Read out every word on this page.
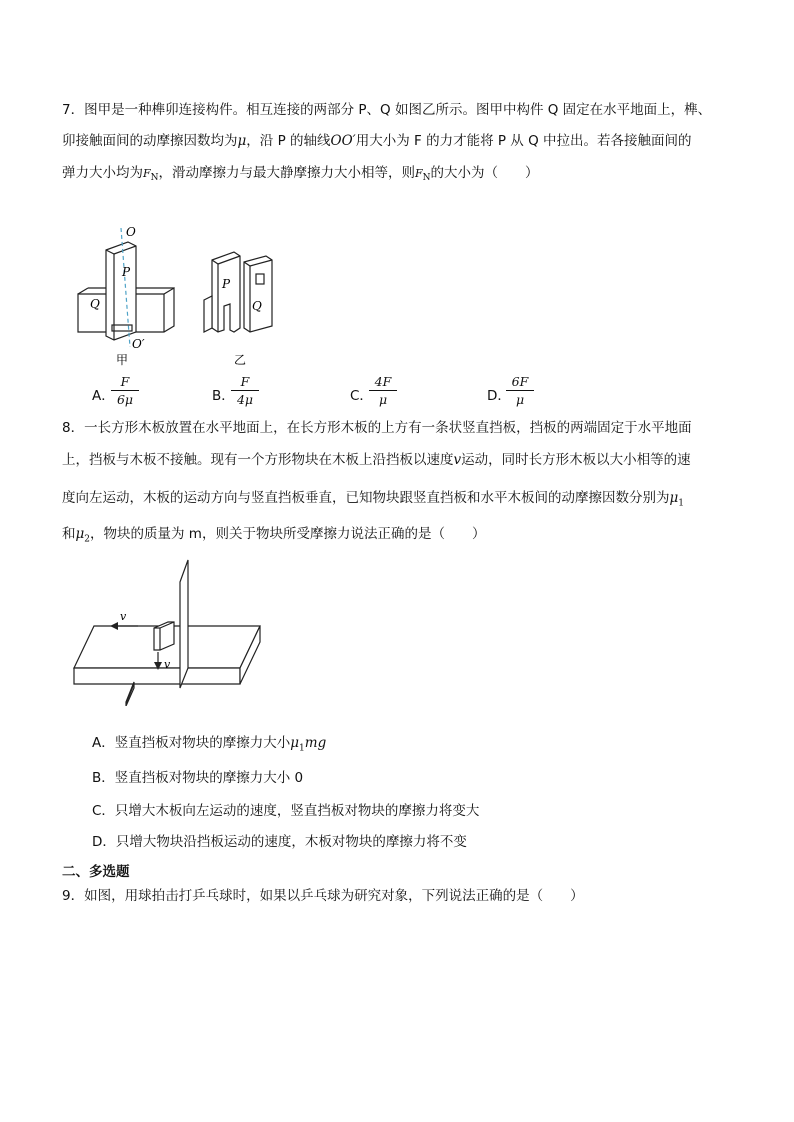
7．图甲是一种榫卯连接构件。相互连接的两部分 P、Q 如图乙所示。图甲中构件 Q 固定在水平地面上，榫、
卯接触面间的动摩擦因数均为μ，沿 P 的轴线OO′用大小为 F 的力才能将 P 从 Q 中拉出。若各接触面间的
弹力大小均为$F_N$，滑动摩擦力与最大静摩擦力大小相等，则$F_N$的大小为（　　）
O
P
Q
O′
甲
P
Q
乙
A．
F
6μ	B．
F
4μ	C．
4F
μ	D．
6F
μ
8．一长方形木板放置在水平地面上，在长方形木板的上方有一条状竖直挡板，挡板的两端固定于水平地面
上，挡板与木板不接触。现有一个方形物块在木板上沿挡板以速度v运动，同时长方形木板以大小相等的速
度向左运动，木板的运动方向与竖直挡板垂直，已知物块跟竖直挡板和水平木板间的动摩擦因数分别为$\mu_1$
和$\mu_2$，物块的质量为 m，则关于物块所受摩擦力说法正确的是（　　）
v
v
A．竖直挡板对物块的摩擦力大小$\mu_1mg$
B．竖直挡板对物块的摩擦力大小 0
C．只增大木板向左运动的速度，竖直挡板对物块的摩擦力将变大
D．只增大物块沿挡板运动的速度，木板对物块的摩擦力将不变
二、多选题
9．如图，用球拍击打乒乓球时，如果以乒乓球为研究对象，下列说法正确的是（　　）
